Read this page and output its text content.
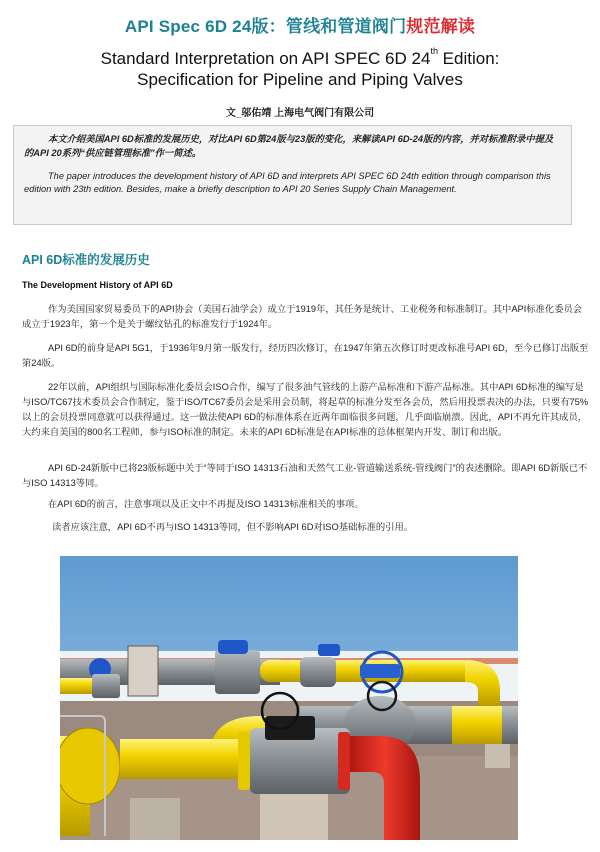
API Spec 6D 24版：管线和管道阀门规范解读
Standard Interpretation on API SPEC 6D 24th Edition:
Specification for Pipeline and Piping Valves
文_邬佑靖 上海电气阀门有限公司

本文介绍美国API 6D标准的发展历史，对比API 6D第24版与23版的变化，来解读API 6D-24版的内容，并对标准附录中提及的API 20系列“供应链管理标准”作一简述。

The paper introduces the development history of API 6D and interprets API SPEC 6D 24th edition through comparison this edition with 23th edition. Besides, make a briefly description to API 20 Series Supply Chain Management.

API 6D标准的发展历史
The Development History of API 6D

作为美国国家贸易委员下的API协会（美国石油学会）成立于1919年，其任务是统计、工业税务和标准制订。其中API标准化委员会成立于1923年，第一个是关于螺纹钻孔的标准发行于1924年。

API 6D的前身是API 5G1，于1936年9月第一版发行，经历四次修订，在1947年第五次修订时更改标准号API 6D，至今已修订出版至第24版。

22年以前，API组织与国际标准化委员会ISO合作，编写了很多油气管线的上游产品标准和下游产品标准。其中API 6D标准的编写是与ISO/TC67技术委员会合作制定，鉴于ISO/TC67委员会是采用会员制，将起草的标准分发至各会员，然后用投票表决的办法，只要有75%以上的会员投票同意就可以获得通过。这一做法使API 6D的标准体系在近两年面临很多问题，几乎面临崩溃。因此，API不再允许其成员，大约来自美国的800名工程师，参与ISO标准的制定。未来的API 6D标准是在API标准的总体框架内开发、制订和出版。

API 6D-24新版中已将23版标题中关于“等同于ISO 14313石油和天然气工业-管道输送系统-管线阀门”的表述删除。即API 6D新版已不与ISO 14313等同。

在API 6D的前言，注意事项以及正文中不再提及ISO 14313标准相关的事项。

读者应该注意，API 6D不再与ISO 14313等同，但不影响API 6D对ISO基础标准的引用。
